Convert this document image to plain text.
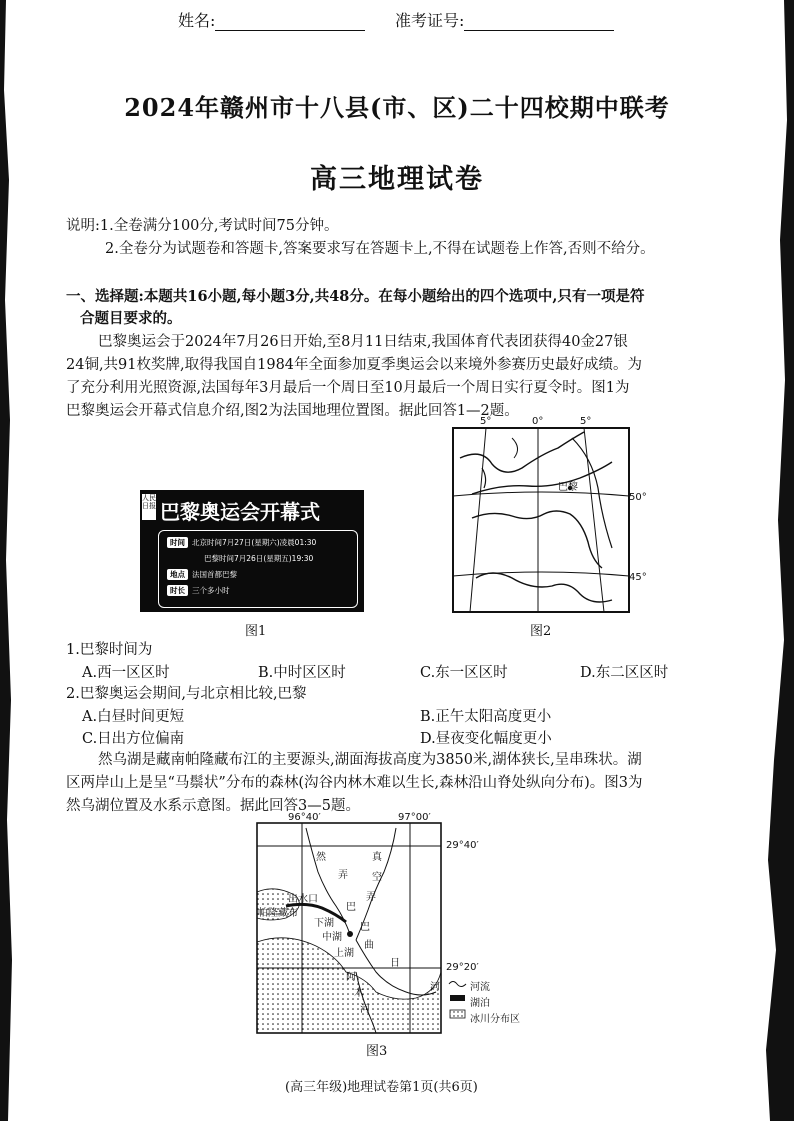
姓名:	准考证号:
2024年赣州市十八县(市、区)二十四校期中联考
高三地理试卷
说明:1.全卷满分100分,考试时间75分钟。
2.全卷分为试题卷和答题卡,答案要求写在答题卡上,不得在试题卷上作答,否则不给分。
一、选择题:本题共16小题,每小题3分,共48分。在每小题给出的四个选项中,只有一项是符
合题目要求的。
巴黎奥运会于2024年7月26日开始,至8月11日结束,我国体育代表团获得40金27银
24铜,共91枚奖牌,取得我国自1984年全面参加夏季奥运会以来境外参赛历史最好成绩。为
了充分利用光照资源,法国每年3月最后一个周日至10月最后一个周日实行夏令时。图1为
巴黎奥运会开幕式信息介绍,图2为法国地理位置图。据此回答1—2题。
人民日报 巴黎奥运会开幕式
时间 北京时间7月27日(星期六)凌晨01:30
巴黎时间7月26日(星期五)19:30
地点 法国首都巴黎
时长 三个多小时
图1
5°	0°	5°
50°
45°
巴黎
图2
1.巴黎时间为
A.西一区区时	B.中时区区时	C.东一区区时	D.东二区区时
2.巴黎奥运会期间,与北京相比较,巴黎
A.白昼时间更短	B.正午太阳高度更小
C.日出方位偏南	D.昼夜变化幅度更小
然乌湖是藏南帕隆藏布江的主要源头,湖面海拔高度为3850米,湖体狭长,呈串珠状。湖
区两岸山上是呈“马鬃状”分布的森林(沟谷内林木难以生长,森林沿山脊处纵向分布)。图3为
然乌湖位置及水系示意图。据此回答3—5题。
96°40′	97°00′
29°40′
29°20′
然
弄
真
空
弄
巴
巴
出水口
帕隆藏布
下湖
中湖
上湖
曲
日
河
阿
木
河
河流
湖泊
冰川分布区
图3
(高三年级)地理试卷第1页(共6页)
